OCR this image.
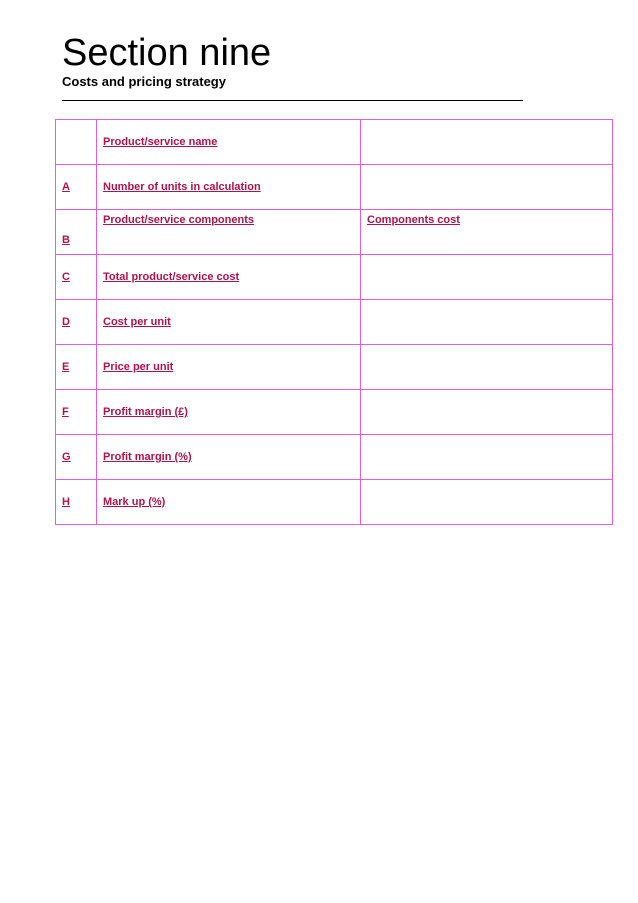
Section nine
Costs and pricing strategy
	Product/service name	
A	Number of units in calculation	

B	Product/service components	Components cost

C	Total product/service cost	
D	Cost per unit	
E	Price per unit	
F	Profit margin (£)	
G	Profit margin (%)	
H	Mark up (%)	
